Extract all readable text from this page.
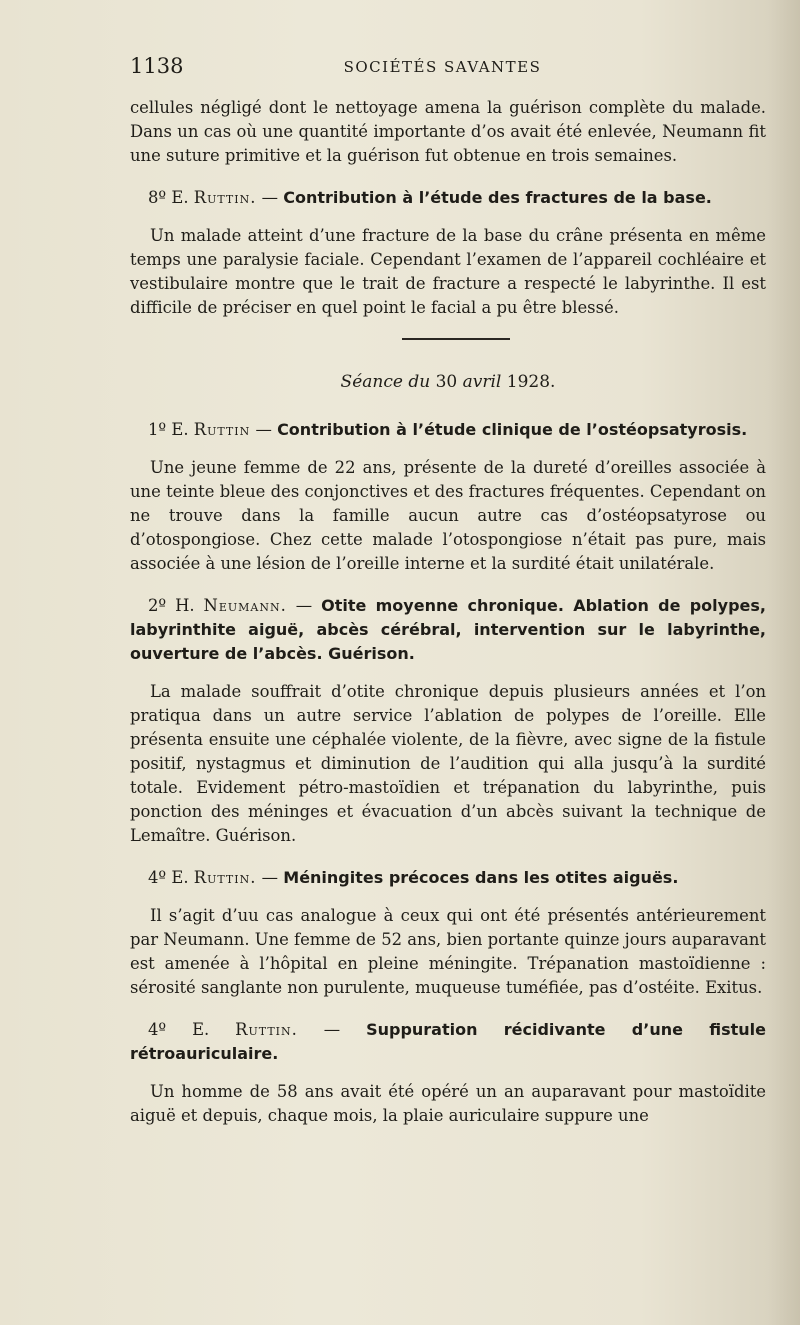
1138	SOCIÉTÉS SAVANTES

cellules négligé dont le nettoyage amena la guérison complète du malade. Dans un cas où une quantité importante d’os avait été enlevée, Neumann fit une suture primitive et la guérison fut obtenue en trois semaines.

8º E. Ruttin. — Contribution à l’étude des fractures de la base.

Un malade atteint d’une fracture de la base du crâne présenta en même temps une paralysie faciale. Cependant l’examen de l’appareil cochléaire et vestibulaire montre que le trait de fracture a respecté le labyrinthe. Il est difficile de préciser en quel point le facial a pu être blessé.

Séance du 30 avril 1928.

1º E. Ruttin — Contribution à l’étude clinique de l’ostéopsatyrosis.

Une jeune femme de 22 ans, présente de la dureté d’oreilles associée à une teinte bleue des conjonctives et des fractures fréquentes. Cependant on ne trouve dans la famille aucun autre cas d’ostéopsatyrose ou d’otospongiose. Chez cette malade l’otospongiose n’était pas pure, mais associée à une lésion de l’oreille interne et la surdité était unilatérale.

2º H. Neumann. — Otite moyenne chronique. Ablation de polypes, labyrinthite aiguë, abcès cérébral, intervention sur le labyrinthe, ouverture de l’abcès. Guérison.

La malade souffrait d’otite chronique depuis plusieurs années et l’on pratiqua dans un autre service l’ablation de polypes de l’oreille. Elle présenta ensuite une céphalée violente, de la fièvre, avec signe de la fistule positif, nystagmus et diminution de l’audition qui alla jusqu’à la surdité totale. Evidement pétro-mastoïdien et trépanation du labyrinthe, puis ponction des méninges et évacuation d’un abcès suivant la technique de Lemaître. Guérison.

4º E. Ruttin. — Méningites précoces dans les otites aiguës.

Il s’agit d’uu cas analogue à ceux qui ont été présentés antérieurement par Neumann. Une femme de 52 ans, bien portante quinze jours auparavant est amenée à l’hôpital en pleine méningite. Trépanation mastoïdienne : sérosité sanglante non purulente, muqueuse tuméfiée, pas d’ostéite. Exitus.

4º E. Ruttin. — Suppuration récidivante d’une fistule rétroauriculaire.

Un homme de 58 ans avait été opéré un an auparavant pour mastoïdite aiguë et depuis, chaque mois, la plaie auriculaire suppure une
